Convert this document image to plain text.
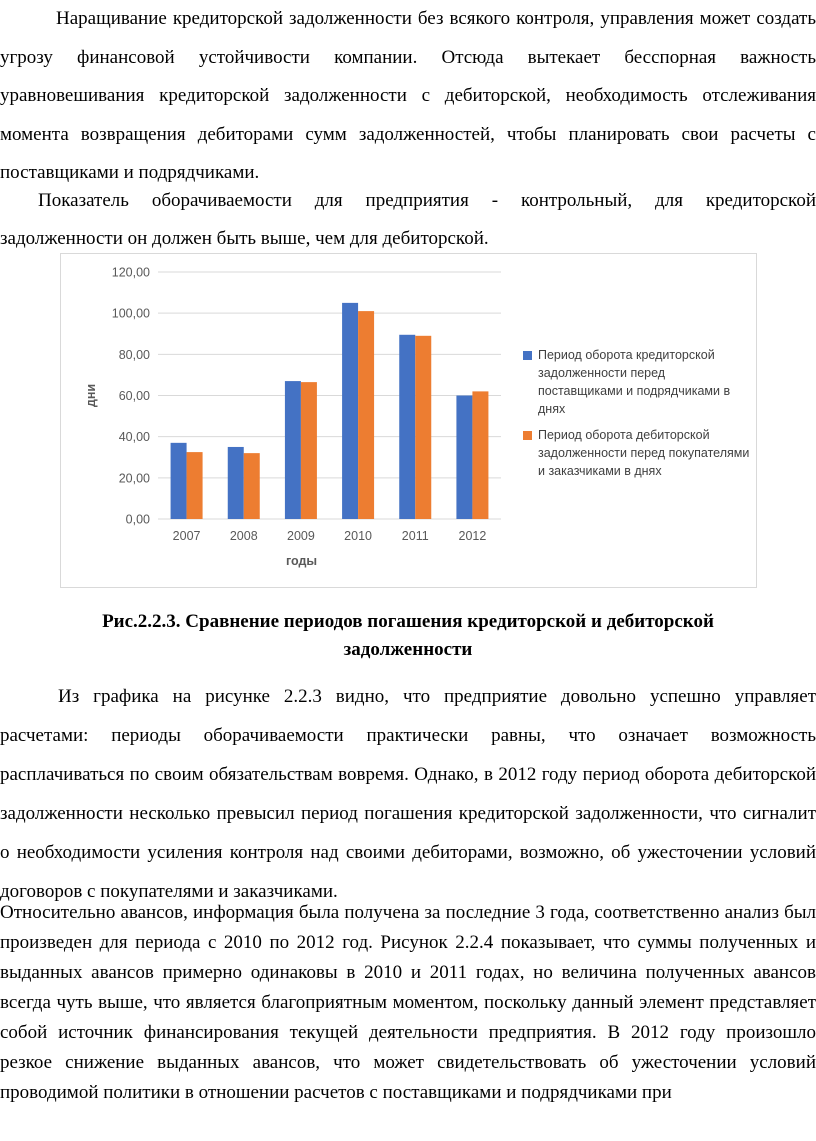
Наращивание кредиторской задолженности без всякого контроля, управления может создать угрозу финансовой устойчивости компании. Отсюда вытекает бесспорная важность уравновешивания кредиторской задолженности с дебиторской, необходимость отслеживания момента возвращения дебиторами сумм задолженностей, чтобы планировать свои расчеты с поставщиками и подрядчиками.

Показатель оборачиваемости для предприятия - контрольный, для кредиторской задолженности он должен быть выше, чем для дебиторской.

0,00
20,00
40,00
60,00
80,00
100,00
120,00
2007 2008 2009 2010 2011 2012
годы
дни
Период оборота кредиторской задолженности перед поставщиками и подрядчиками в днях
Период оборота дебиторской задолженности перед покупателями и заказчиками в днях
Рис.2.2.3. Сравнение периодов погашения кредиторской и дебиторской
задолженности

Из графика на рисунке 2.2.3 видно, что предприятие довольно успешно управляет расчетами: периоды оборачиваемости практически равны, что означает возможность расплачиваться по своим обязательствам вовремя. Однако, в 2012 году период оборота дебиторской задолженности несколько превысил период погашения кредиторской задолженности, что сигналит о необходимости усиления контроля над своими дебиторами, возможно, об ужесточении условий договоров с покупателями и заказчиками.

Относительно авансов, информация была получена за последние 3 года, соответственно анализ был произведен для периода с 2010 по 2012 год. Рисунок 2.2.4 показывает, что суммы полученных и выданных авансов примерно одинаковы в 2010 и 2011 годах, но величина полученных авансов всегда чуть выше, что является благоприятным моментом, поскольку данный элемент представляет собой источник финансирования текущей деятельности предприятия. В 2012 году произошло резкое снижение выданных авансов, что может свидетельствовать об ужесточении условий проводимой политики в отношении расчетов с поставщиками и подрядчиками при
